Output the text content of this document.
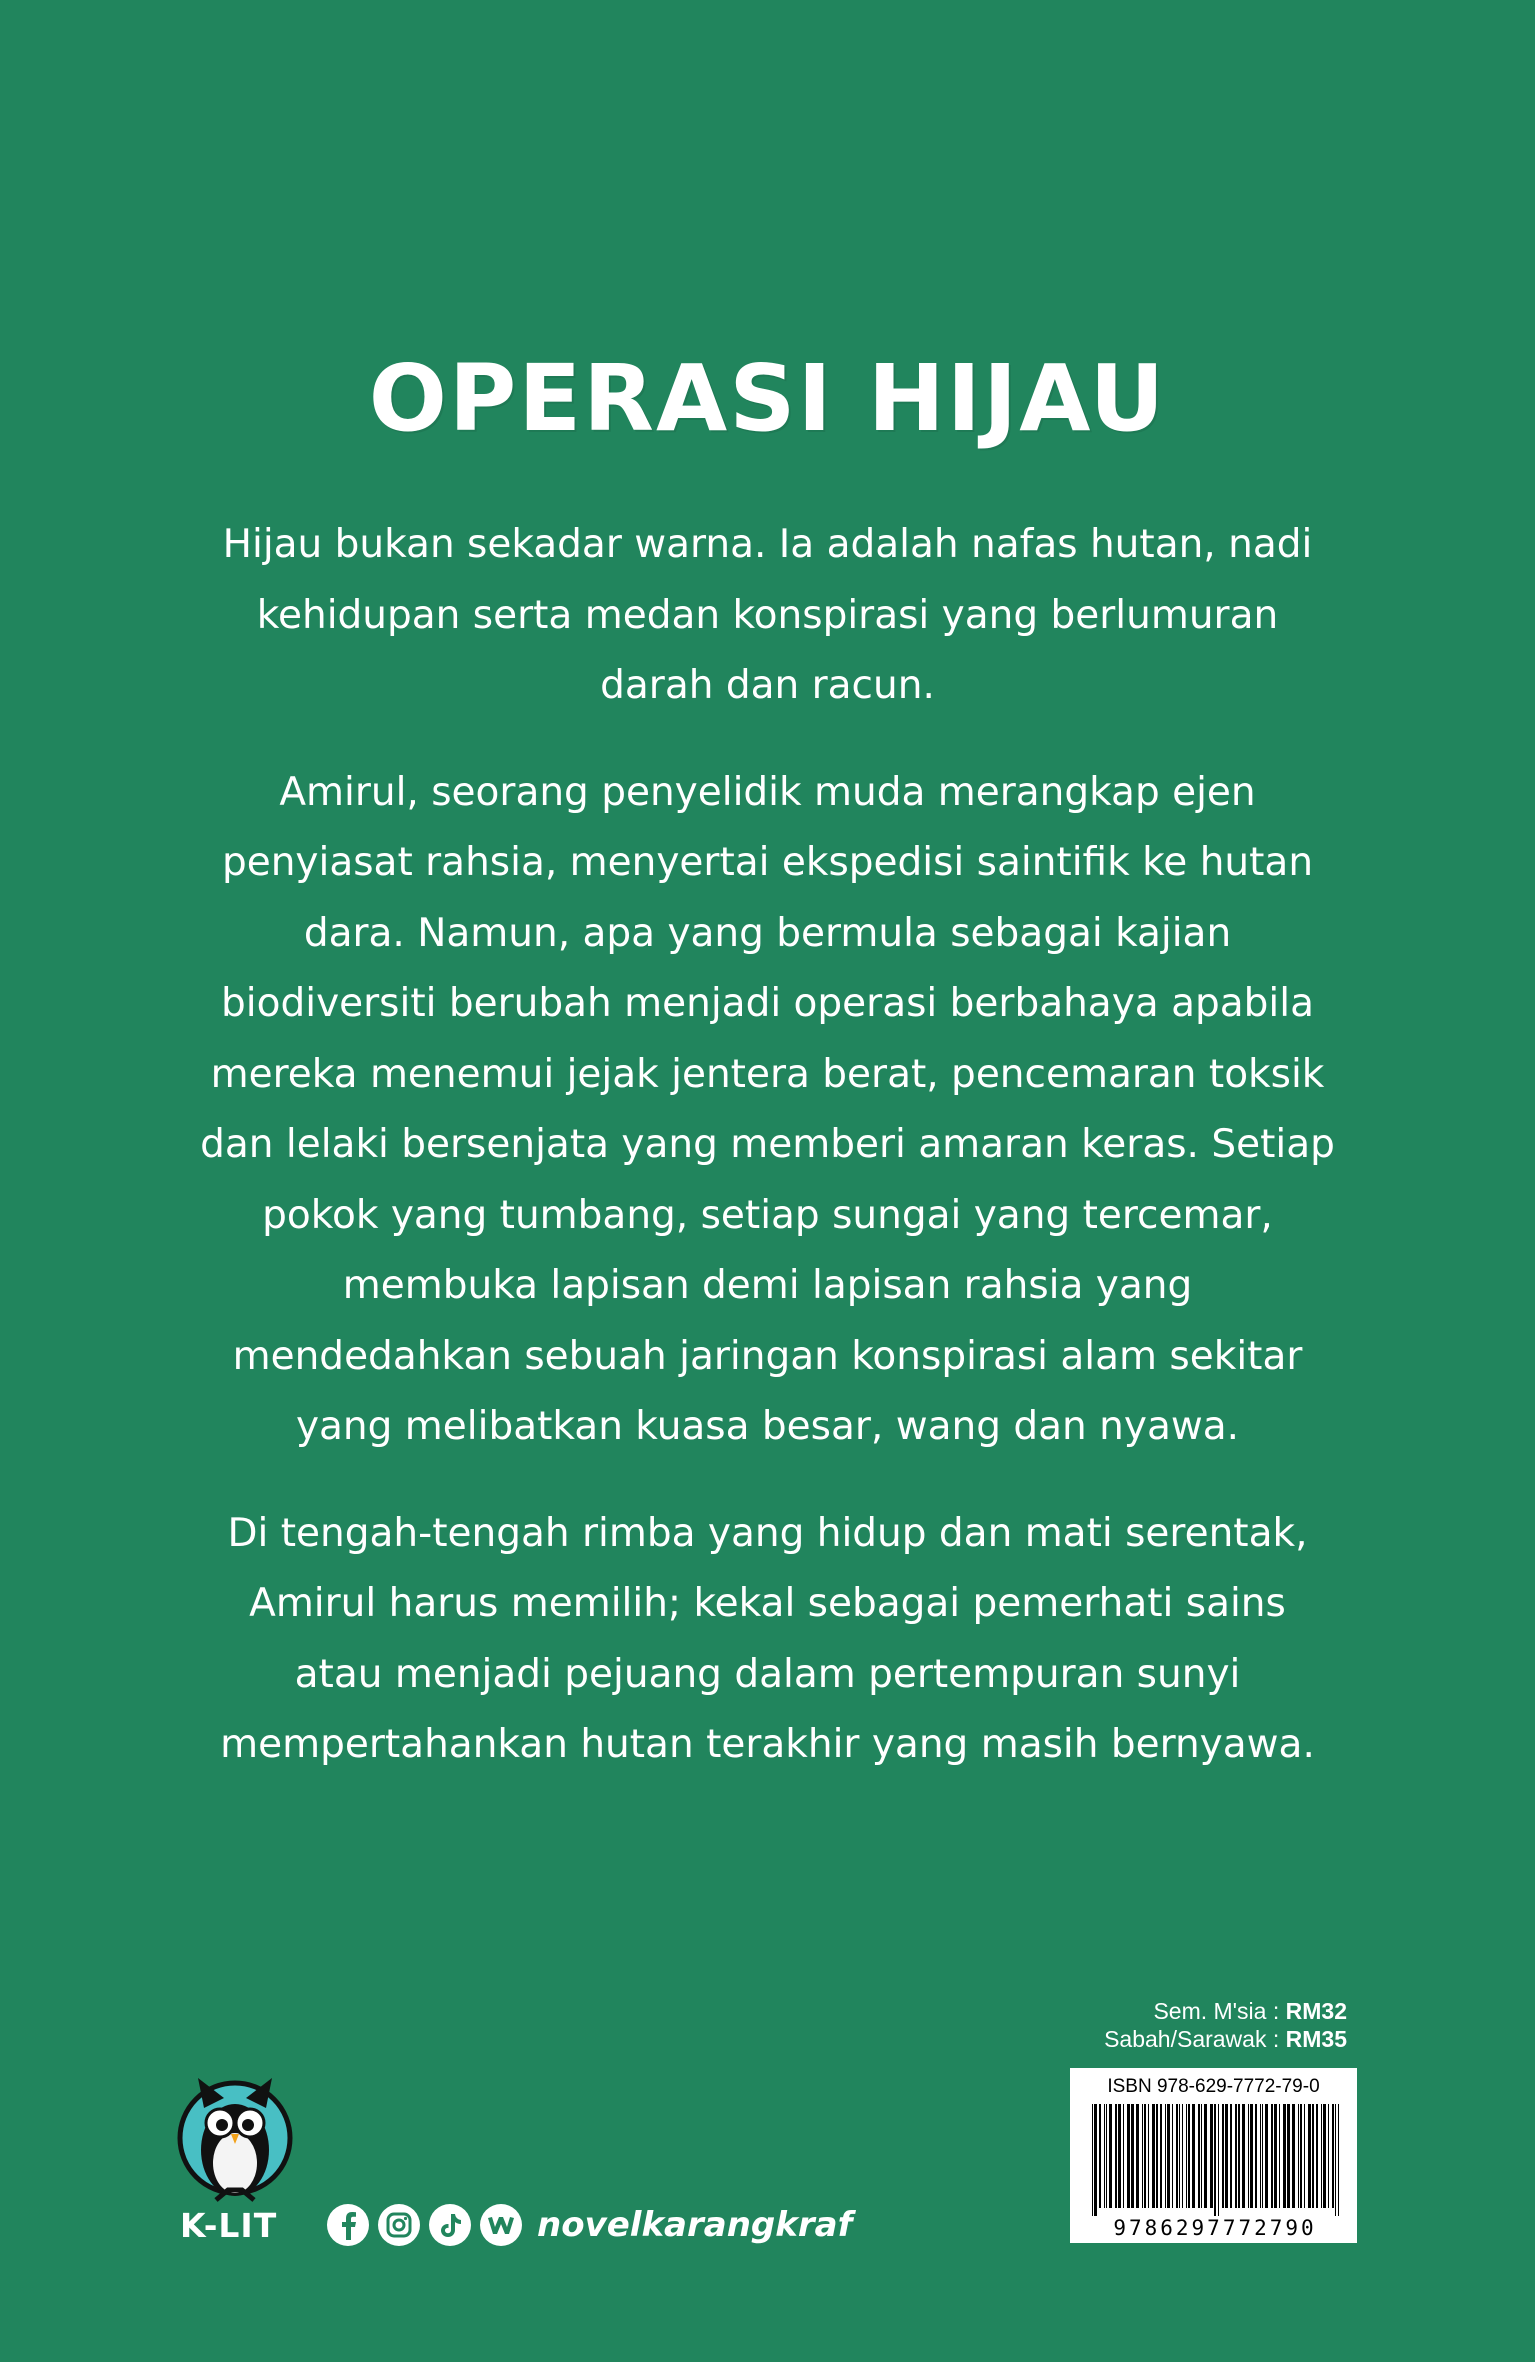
OPERASI HIJAU

Hijau bukan sekadar warna. Ia adalah nafas hutan, nadi kehidupan serta medan konspirasi yang berlumuran darah dan racun.

Amirul, seorang penyelidik muda merangkap ejen penyiasat rahsia, menyertai ekspedisi saintifik ke hutan dara. Namun, apa yang bermula sebagai kajian biodiversiti berubah menjadi operasi berbahaya apabila mereka menemui jejak jentera berat, pencemaran toksik dan lelaki bersenjata yang memberi amaran keras. Setiap pokok yang tumbang, setiap sungai yang tercemar, membuka lapisan demi lapisan rahsia yang mendedahkan sebuah jaringan konspirasi alam sekitar yang melibatkan kuasa besar, wang dan nyawa.

Di tengah-tengah rimba yang hidup dan mati serentak, Amirul harus memilih; kekal sebagai pemerhati sains atau menjadi pejuang dalam pertempuran sunyi mempertahankan hutan terakhir yang masih bernyawa.

Sem. M'sia : RM32
Sabah/Sarawak : RM35
ISBN 978-629-7772-79-0
9786297772790
K-LIT	novelkarangkraf
